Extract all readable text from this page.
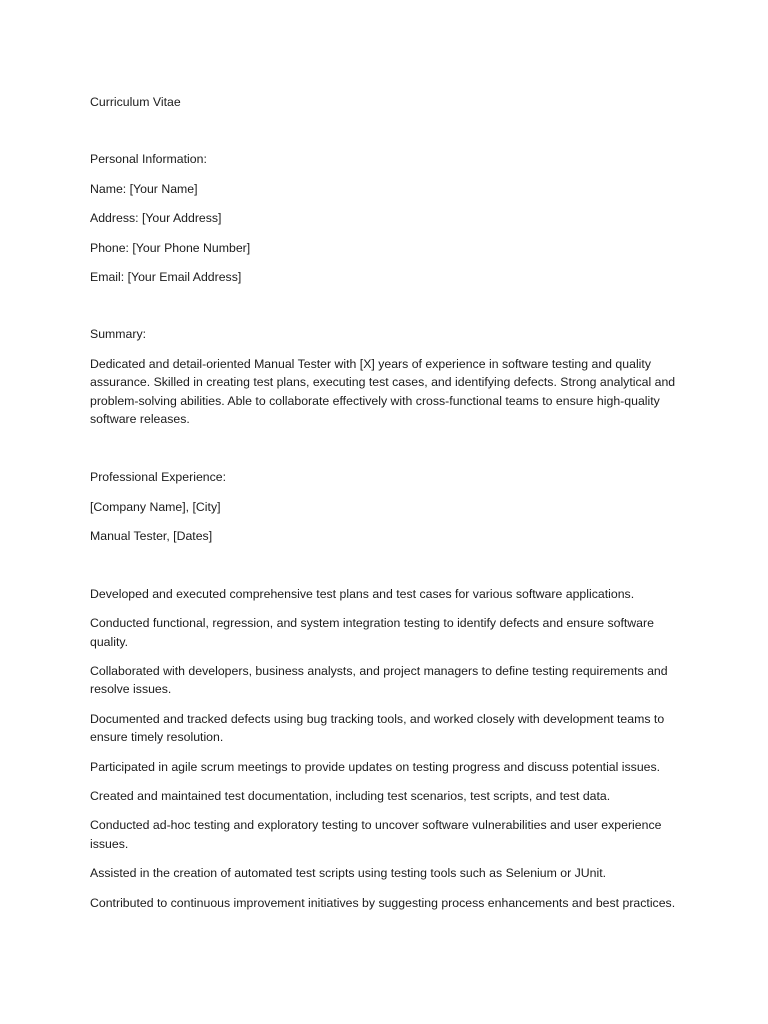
Curriculum Vitae

Personal Information:

Name: [Your Name]

Address: [Your Address]

Phone: [Your Phone Number]

Email: [Your Email Address]

Summary:

Dedicated and detail-oriented Manual Tester with [X] years of experience in software testing and quality assurance. Skilled in creating test plans, executing test cases, and identifying defects. Strong analytical and problem-solving abilities. Able to collaborate effectively with cross-functional teams to ensure high-quality software releases.

Professional Experience:

[Company Name], [City]

Manual Tester, [Dates]

Developed and executed comprehensive test plans and test cases for various software applications.

Conducted functional, regression, and system integration testing to identify defects and ensure software quality.

Collaborated with developers, business analysts, and project managers to define testing requirements and resolve issues.

Documented and tracked defects using bug tracking tools, and worked closely with development teams to ensure timely resolution.

Participated in agile scrum meetings to provide updates on testing progress and discuss potential issues.

Created and maintained test documentation, including test scenarios, test scripts, and test data.

Conducted ad-hoc testing and exploratory testing to uncover software vulnerabilities and user experience issues.

Assisted in the creation of automated test scripts using testing tools such as Selenium or JUnit.

Contributed to continuous improvement initiatives by suggesting process enhancements and best practices.
